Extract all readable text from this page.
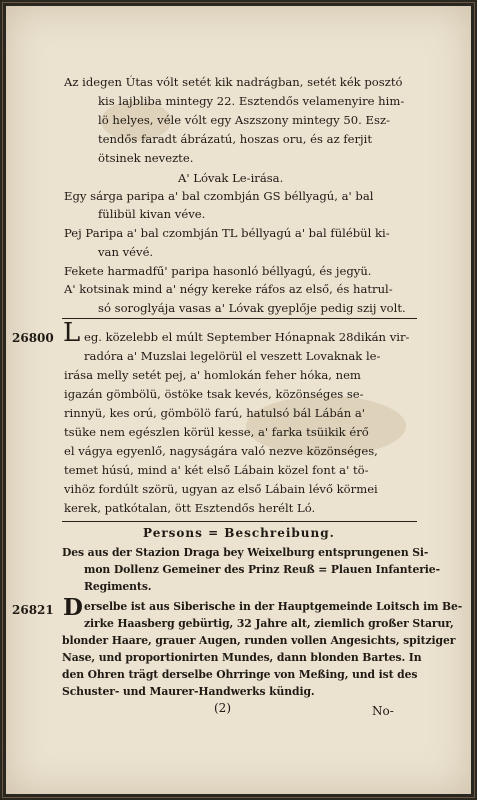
Az idegen Útas vólt setét kik nadrágban, setét kék posztó
kis lajbliba mintegy 22. Esztendős velamenyire him-
lö helyes, véle vólt egy Aszszony mintegy 50. Esz-
tendős faradt ábrázatú, hoszas oru, és az ferjit
ötsinek nevezte.
A' Lóvak Le-irása.
Egy sárga paripa a' bal czombján GS béllyagú, a' bal
fülibül kivan véve.
Pej Paripa a' bal czombján TL béllyagú a' bal fülébül ki-
van vévé.
Fekete harmadfű' paripa hasonló béllyagú, és jegyü.
A' kotsinak mind a' négy kereke ráfos az első, és hatrul-
só soroglyája vasas a' Lóvak gyeplője pedig szij volt.
26800 L eg. közelebb el múlt September Hónapnak 28dikán vir-
radóra a' Muzslai legelörül el veszett Lovaknak le-
irása melly setét pej, a' homlokán feher hóka, nem
igazán gömbölü, östöke tsak kevés, közönséges se-
rinnyü, kes orú, gömbölö farú, hatulsó bál Lábán a'
tsüke nem egészlen körül kesse, a' farka tsüikik érő
el vágya egyenlő, nagyságára való nezve közönséges,
temet húsú, mind a' két első Lábain közel font a' tö-
vihöz fordúlt szörü, ugyan az első Lábain lévő körmei
kerek, patkótalan, ött Esztendős herélt Ló.
Persons = Beschreibung.
Des aus der Stazion Draga bey Weixelburg entsprungenen Si-
mon Dollenz Gemeiner des Prinz Reuß = Plauen Infanterie-
Regiments.
26821 D erselbe ist aus Siberische in der Hauptgemeinde Loitsch im Be-
zirke Haasberg gebürtig, 32 Jahre alt, ziemlich großer Starur,
blonder Haare, grauer Augen, runden vollen Angesichts, spitziger
Nase, und proportionirten Mundes, dann blonden Bartes. In
den Ohren trägt derselbe Ohrringe von Meßing, und ist des
Schuster- und Maurer-Handwerks kündig.
(2)	No-
